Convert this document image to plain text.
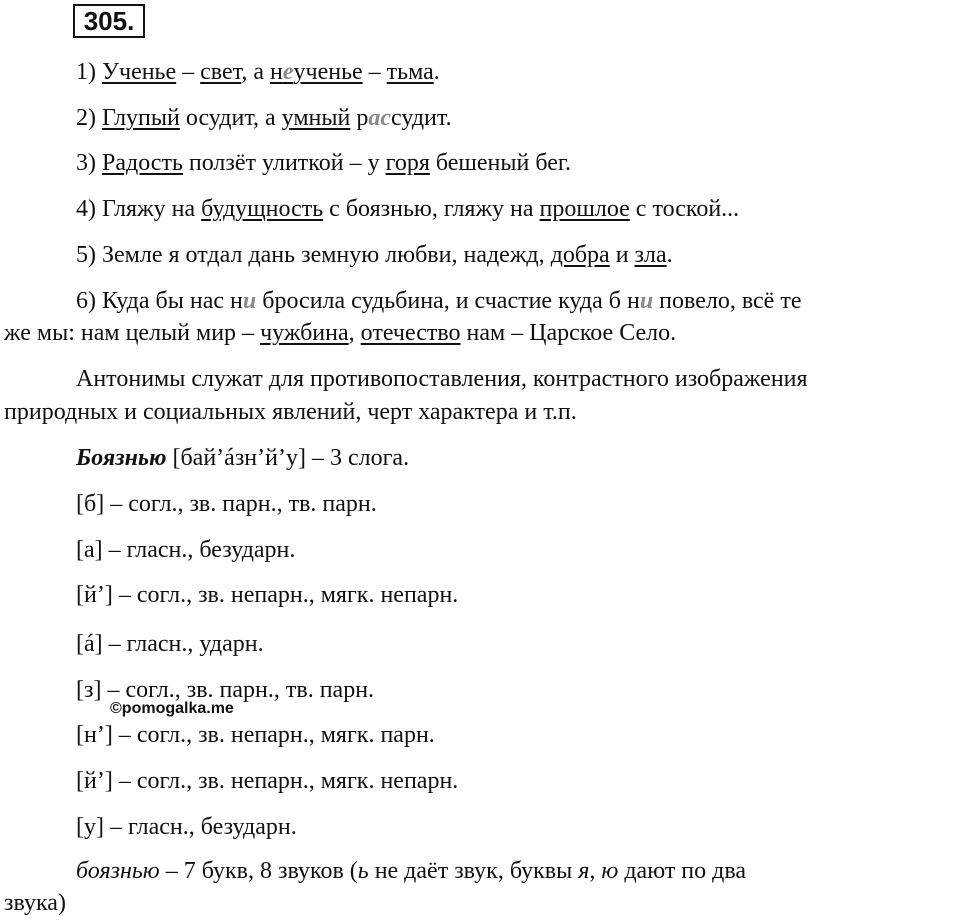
305.
1) Ученье – свет, а неученье – тьма.
2) Глупый осудит, а умный рассудит.
3) Радость ползёт улиткой – у горя бешеный бег.
4) Гляжу на будущность с боязнью, гляжу на прошлое с тоской...
5) Земле я отдал дань земную любви, надежд, добра и зла.
6) Куда бы нас ни бросила судьбина, и счастие куда б ни повело, всё те
же мы: нам целый мир – чужбина, отечество нам – Царское Село.
Антонимы служат для противопоставления, контрастного изображения
природных и социальных явлений, черт характера и т.п.
Боязнью [бай’áзн’й’у] – 3 слога.
[б] – согл., зв. парн., тв. парн.
[а] – гласн., безударн.
[й’] – согл., зв. непарн., мягк. непарн.
[á] – гласн., ударн.
[з] – согл., зв. парн., тв. парн.
©pomogalka.me
[н’] – согл., зв. непарн., мягк. парн.
[й’] – согл., зв. непарн., мягк. непарн.
[у] – гласн., безударн.
боязнью – 7 букв, 8 звуков (ь не даёт звук, буквы я, ю дают по два
звука)
